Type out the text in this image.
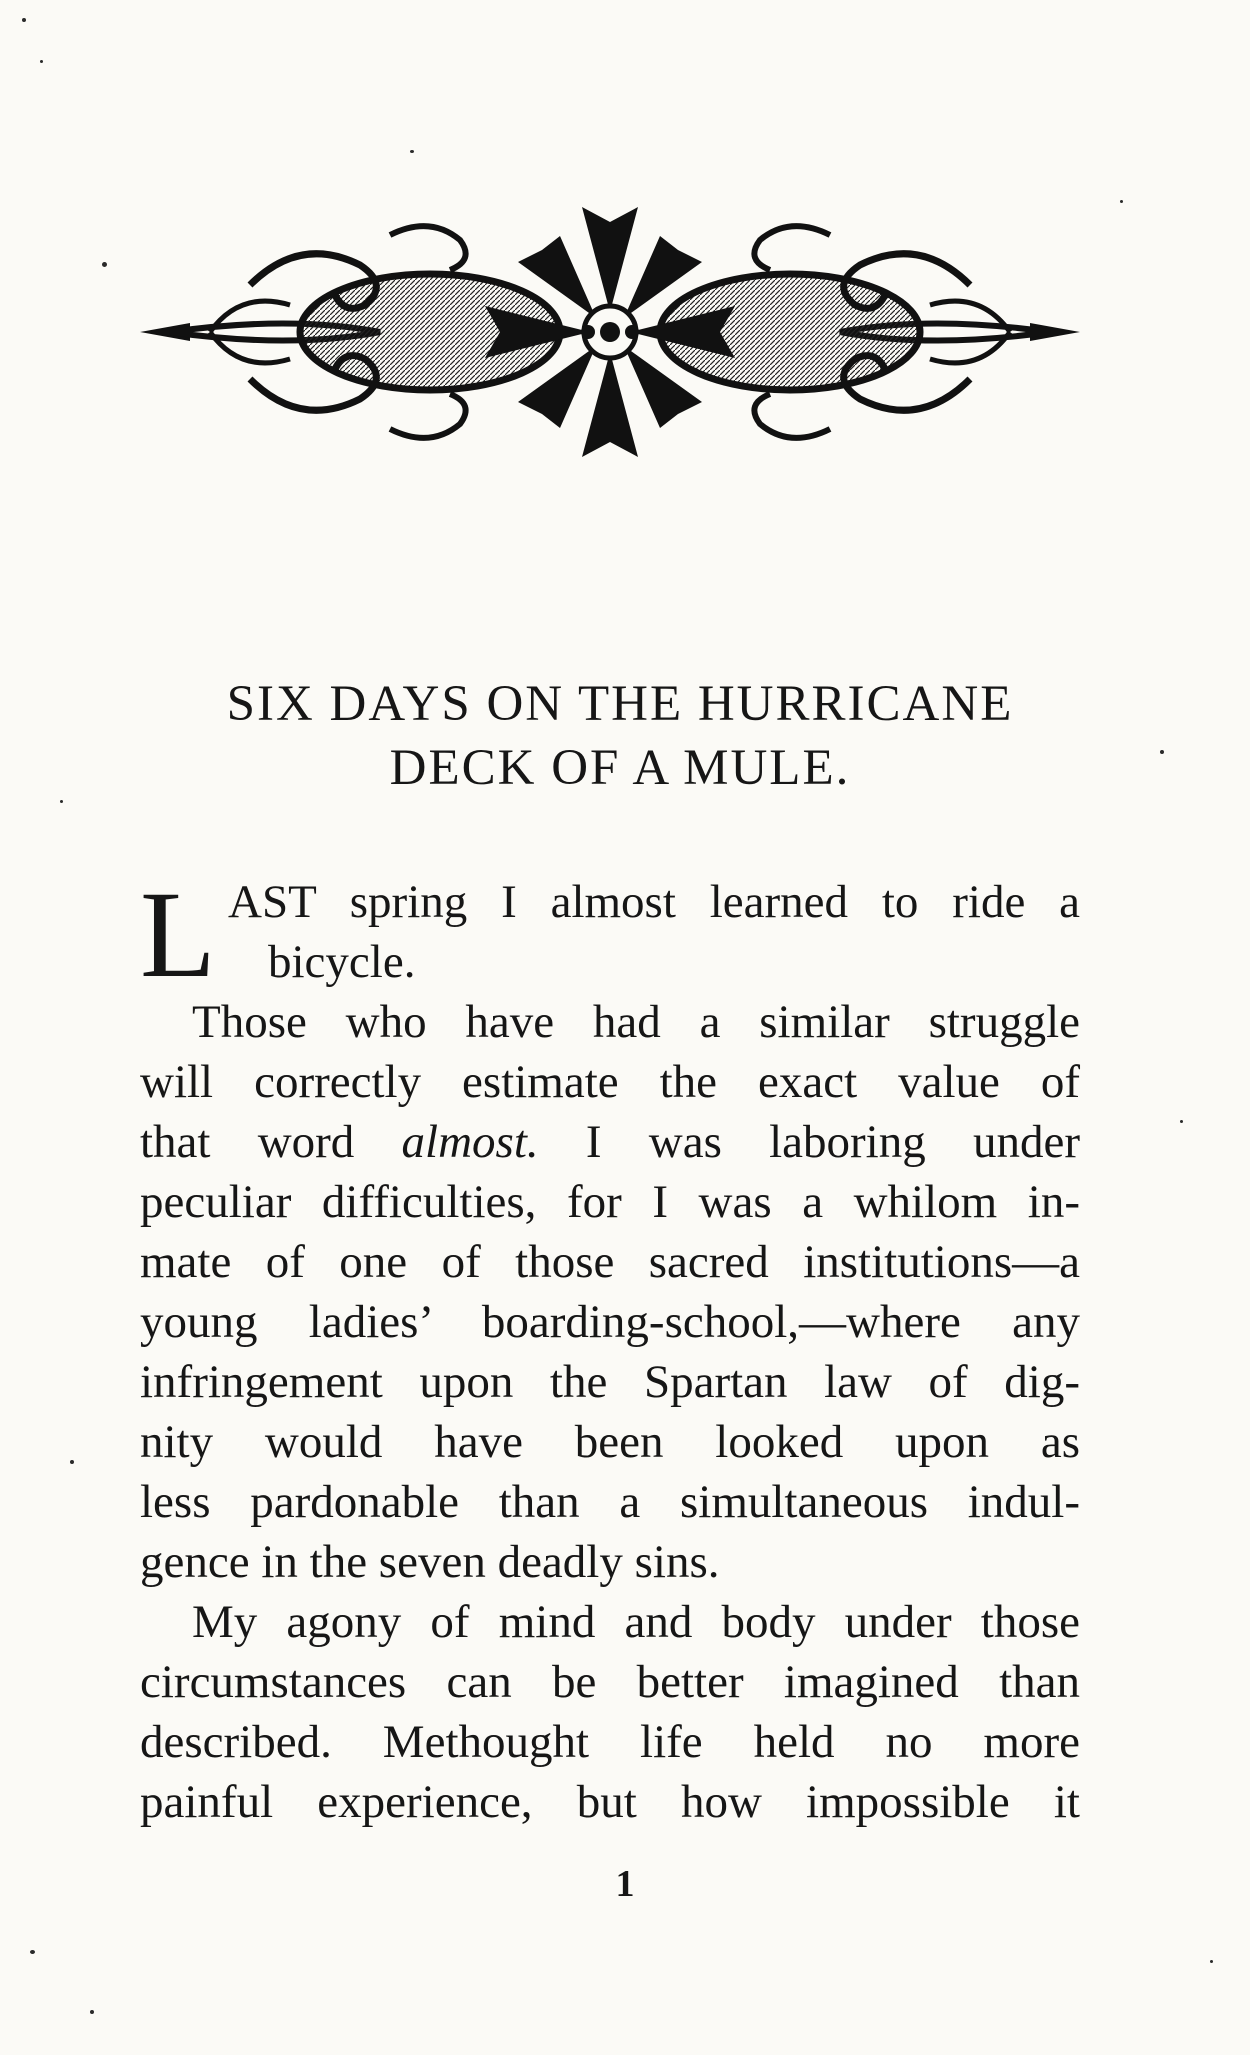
SIX DAYS ON THE HURRICANE
DECK OF A MULE.
L AST spring I almost learned to ride a

bicycle.

Those who have had a similar struggle

will correctly estimate the exact value of

that word almost. I was laboring under

peculiar difficulties, for I was a whilom in-

mate of one of those sacred institutions—a

young ladies’ boarding-school,—where any

infringement upon the Spartan law of dig-

nity would have been looked upon as

less pardonable than a simultaneous indul-

gence in the seven deadly sins.

My agony of mind and body under those

circumstances can be better imagined than

described. Methought life held no more

painful experience, but how impossible it

1
